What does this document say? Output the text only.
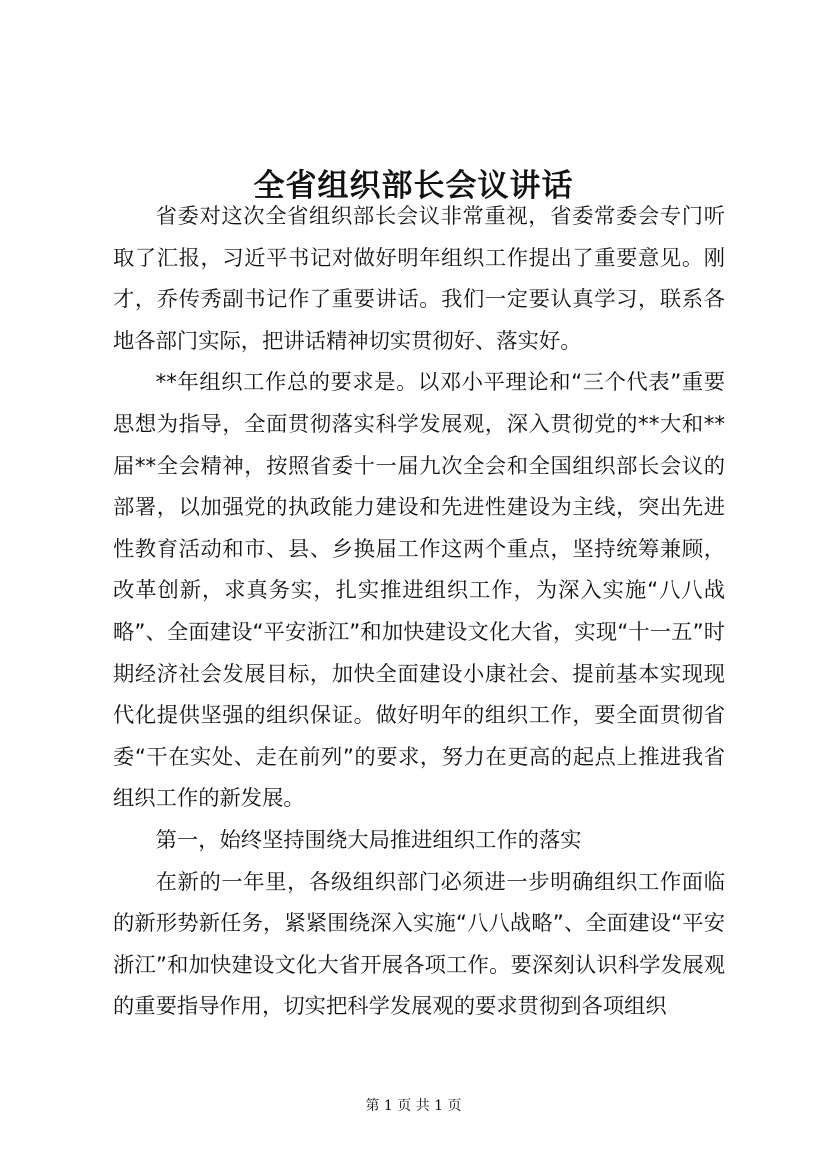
全省组织部长会议讲话

省委对这次全省组织部长会议非常重视，省委常委会专门听取了汇报，习近平书记对做好明年组织工作提出了重要意见。刚才，乔传秀副书记作了重要讲话。我们一定要认真学习，联系各地各部门实际，把讲话精神切实贯彻好、落实好。

**年组织工作总的要求是。以邓小平理论和“三个代表”重要思想为指导，全面贯彻落实科学发展观，深入贯彻党的**大和**届**全会精神，按照省委十一届九次全会和全国组织部长会议的部署，以加强党的执政能力建设和先进性建设为主线，突出先进性教育活动和市、县、乡换届工作这两个重点，坚持统筹兼顾，改革创新，求真务实，扎实推进组织工作，为深入实施“八八战略”、全面建设“平安浙江”和加快建设文化大省，实现“十一五”时期经济社会发展目标，加快全面建设小康社会、提前基本实现现代化提供坚强的组织保证。做好明年的组织工作，要全面贯彻省委“干在实处、走在前列”的要求，努力在更高的起点上推进我省组织工作的新发展。

第一，始终坚持围绕大局推进组织工作的落实

在新的一年里，各级组织部门必须进一步明确组织工作面临的新形势新任务，紧紧围绕深入实施“八八战略”、全面建设“平安浙江”和加快建设文化大省开展各项工作。要深刻认识科学发展观的重要指导作用，切实把科学发展观的要求贯彻到各项组织

第 1 页 共 1 页
